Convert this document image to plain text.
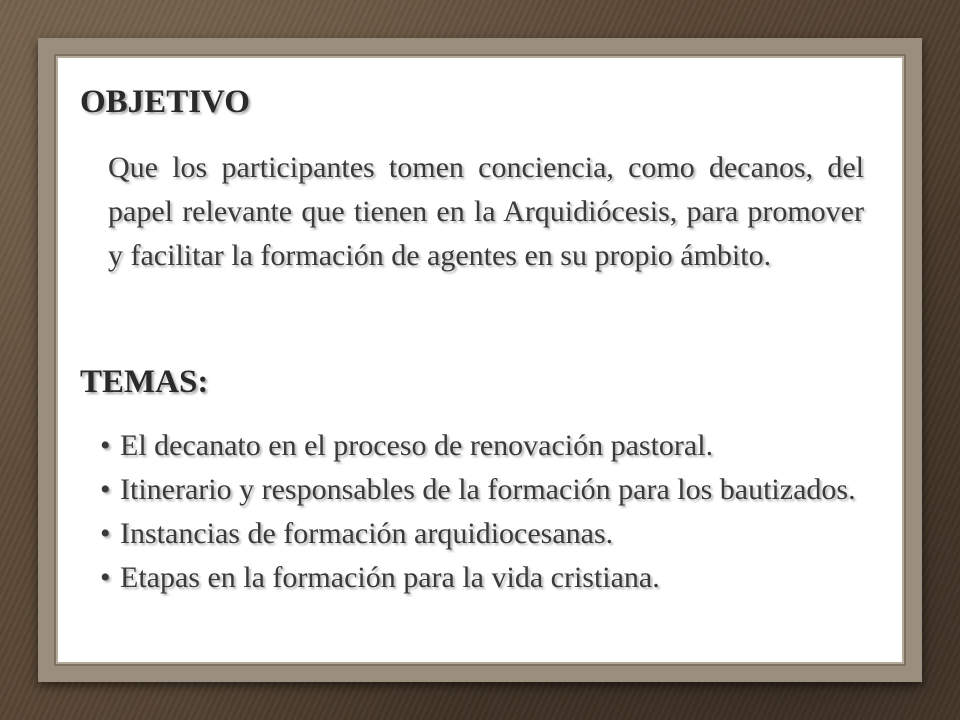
OBJETIVO

Que los participantes tomen conciencia, como decanos, del papel relevante que tienen en la Arquidiócesis, para promover y facilitar la formación de agentes en su propio ámbito.

TEMAS:
• El decanato en el proceso de renovación pastoral.
• Itinerario y responsables de la formación para los bautizados.
• Instancias de formación arquidiocesanas.
• Etapas en la formación para la vida cristiana.
